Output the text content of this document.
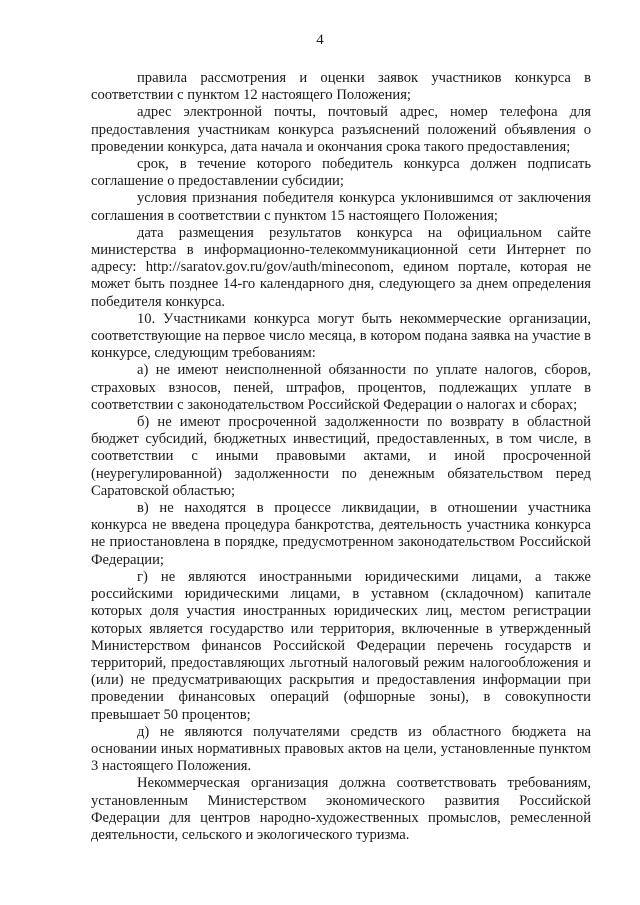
4

правила рассмотрения и оценки заявок участников конкурса в соответствии с пунктом 12 настоящего Положения;

адрес электронной почты, почтовый адрес, номер телефона для предоставления участникам конкурса разъяснений положений объявления о проведении конкурса, дата начала и окончания срока такого предоставления;

срок, в течение которого победитель конкурса должен подписать соглашение о предоставлении субсидии;

условия признания победителя конкурса уклонившимся от заключения соглашения в соответствии с пунктом 15 настоящего Положения;

дата размещения результатов конкурса на официальном сайте министерства в информационно-телекоммуникационной сети Интернет по адресу: http://saratov.gov.ru/gov/auth/mineconom, едином портале, которая не может быть позднее 14-го календарного дня, следующего за днем определения победителя конкурса.

10. Участниками конкурса могут быть некоммерческие организации, соответствующие на первое число месяца, в котором подана заявка на участие в конкурсе, следующим требованиям:

а) не имеют неисполненной обязанности по уплате налогов, сборов, страховых взносов, пеней, штрафов, процентов, подлежащих уплате в соответствии с законодательством Российской Федерации о налогах и сборах;

б) не имеют просроченной задолженности по возврату в областной бюджет субсидий, бюджетных инвестиций, предоставленных, в том числе, в соответствии с иными правовыми актами, и иной просроченной (неурегулированной) задолженности по денежным обязательством перед Саратовской областью;

в) не находятся в процессе ликвидации, в отношении участника конкурса не введена процедура банкротства, деятельность участника конкурса не приостановлена в порядке, предусмотренном законодательством Российской Федерации;

г) не являются иностранными юридическими лицами, а также российскими юридическими лицами, в уставном (складочном) капитале которых доля участия иностранных юридических лиц, местом регистрации которых является государство или территория, включенные в утвержденный Министерством финансов Российской Федерации перечень государств и территорий, предоставляющих льготный налоговый режим налогообложения и (или) не предусматривающих раскрытия и предоставления информации при проведении финансовых операций (офшорные зоны), в совокупности превышает 50 процентов;

д) не являются получателями средств из областного бюджета на основании иных нормативных правовых актов на цели, установленные пунктом 3 настоящего Положения.

Некоммерческая организация должна соответствовать требованиям, установленным Министерством экономического развития Российской Федерации для центров народно-художественных промыслов, ремесленной деятельности, сельского и экологического туризма.
